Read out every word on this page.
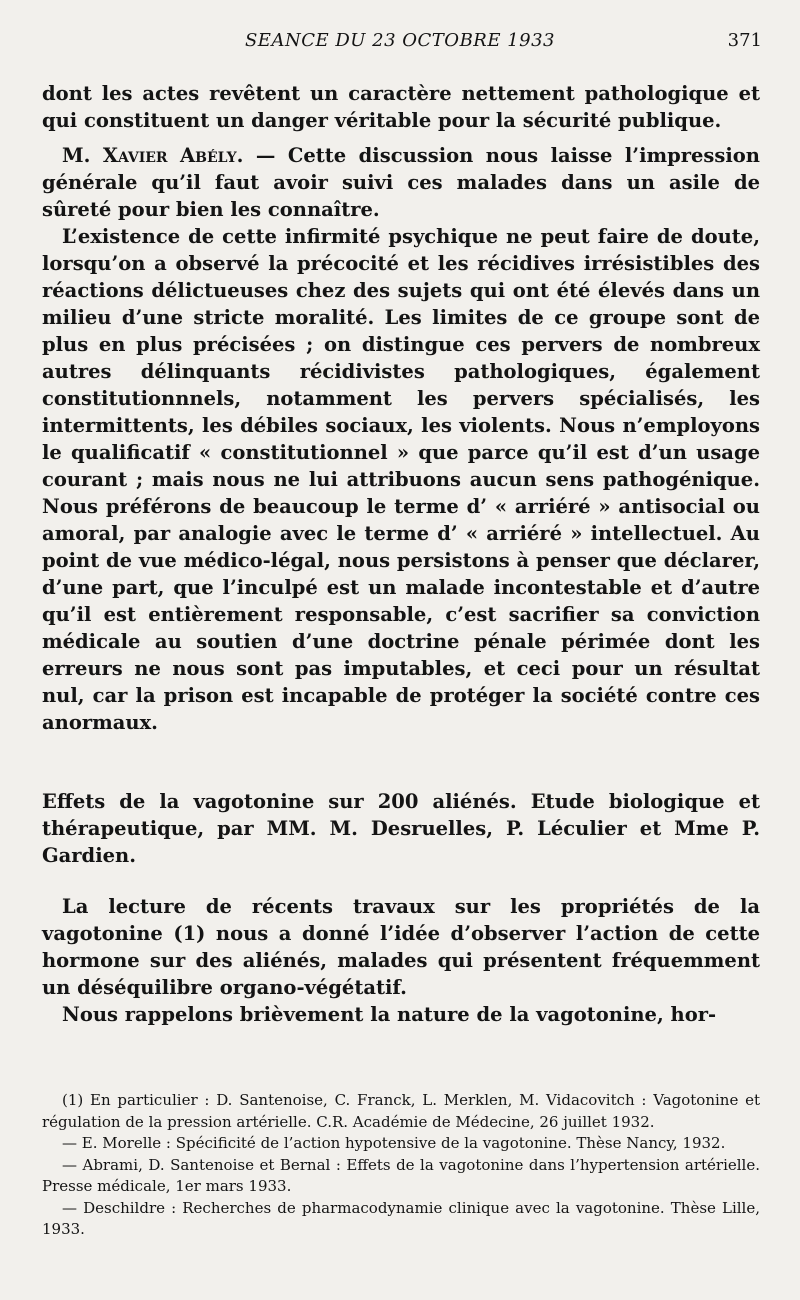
SEANCE DU 23 OCTOBRE 1933	371

dont les actes revêtent un caractère nettement pathologique et qui constituent un danger véritable pour la sécurité publique.

M. Xavier Abély. — Cette discussion nous laisse l’impression générale qu’il faut avoir suivi ces malades dans un asile de sûreté pour bien les connaître.

L’existence de cette infirmité psychique ne peut faire de doute, lorsqu’on a observé la précocité et les récidives irrésistibles des réactions délictueuses chez des sujets qui ont été élevés dans un milieu d’une stricte moralité. Les limites de ce groupe sont de plus en plus précisées ; on distingue ces pervers de nombreux autres délinquants récidivistes pathologiques, également constitutionnnels, notamment les pervers spécialisés, les intermittents, les débiles sociaux, les violents. Nous n’employons le qualificatif « constitutionnel » que parce qu’il est d’un usage courant ; mais nous ne lui attribuons aucun sens pathogénique. Nous préférons de beaucoup le terme d’ « arriéré » antisocial ou amoral, par analogie avec le terme d’ « arriéré » intellectuel. Au point de vue médico-légal, nous persistons à penser que déclarer, d’une part, que l’inculpé est un malade incontestable et d’autre qu’il est entièrement responsable, c’est sacrifier sa conviction médicale au soutien d’une doctrine pénale périmée dont les erreurs ne nous sont pas imputables, et ceci pour un résultat nul, car la prison est incapable de protéger la société contre ces anormaux.

Effets de la vagotonine sur 200 aliénés. Etude biologique et thérapeutique, par MM. M. Desruelles, P. Léculier et Mme P. Gardien.

La lecture de récents travaux sur les propriétés de la vagotonine (1) nous a donné l’idée d’observer l’action de cette hormone sur des aliénés, malades qui présentent fréquemment un déséquilibre organo-végétatif.

Nous rappelons brièvement la nature de la vagotonine, hor-

(1) En particulier : D. Santenoise, C. Franck, L. Merklen, M. Vidacovitch : Vagotonine et régulation de la pression artérielle. C.R. Académie de Médecine, 26 juillet 1932.

— E. Morelle : Spécificité de l’action hypotensive de la vagotonine. Thèse Nancy, 1932.

— Abrami, D. Santenoise et Bernal : Effets de la vagotonine dans l’hypertension artérielle. Presse médicale, 1er mars 1933.

— Deschildre : Recherches de pharmacodynamie clinique avec la vagotonine. Thèse Lille, 1933.
